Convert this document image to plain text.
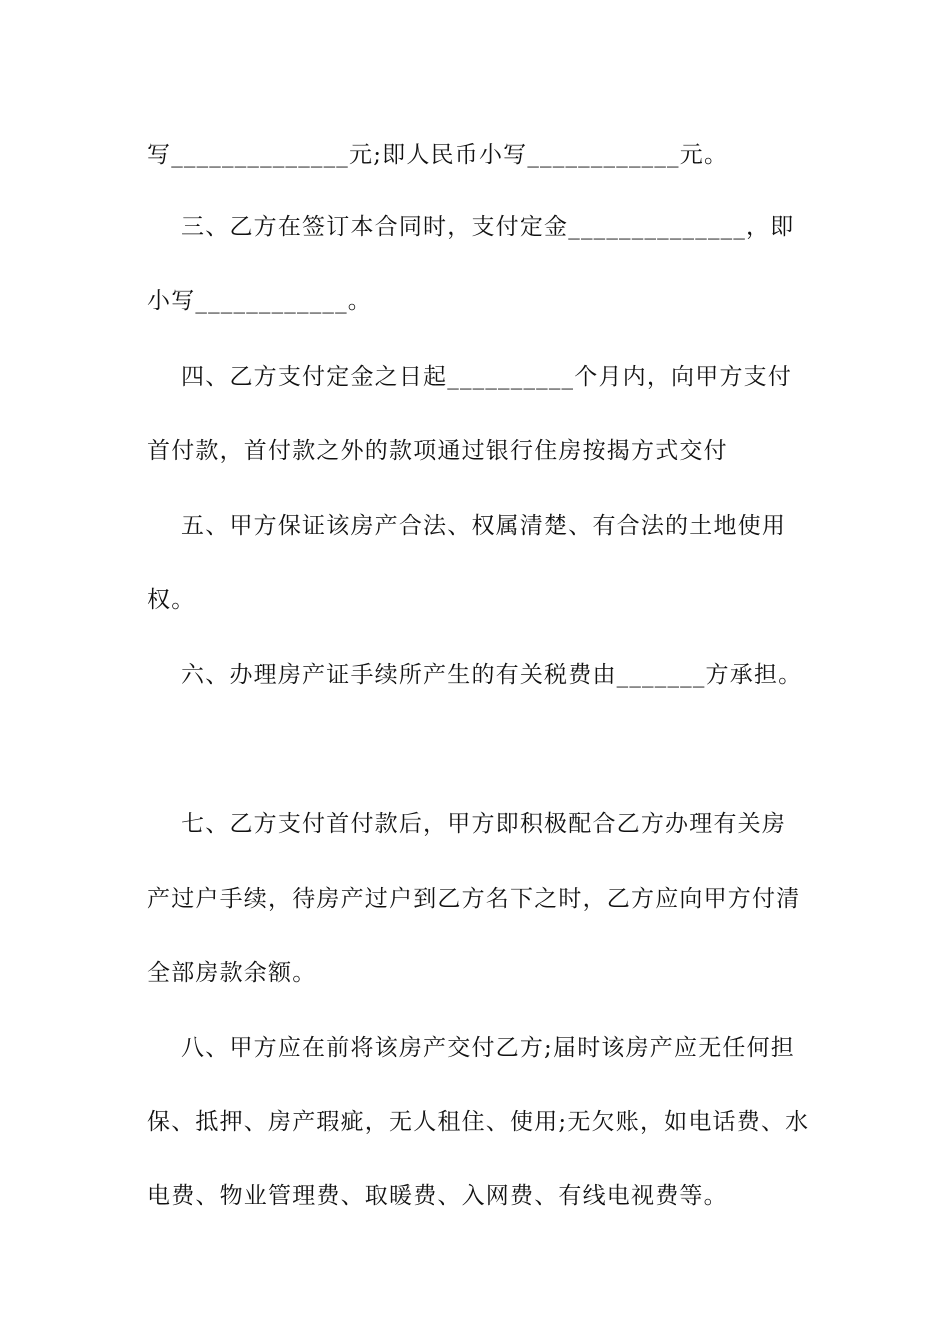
写______________元;即人民币小写____________元。
三、乙方在签订本合同时，支付定金______________，即
小写____________。
四、乙方支付定金之日起__________个月内，向甲方支付
首付款，首付款之外的款项通过银行住房按揭方式交付
五、甲方保证该房产合法、权属清楚、有合法的土地使用
权。
六、办理房产证手续所产生的有关税费由_______方承担。
七、乙方支付首付款后，甲方即积极配合乙方办理有关房
产过户手续，待房产过户到乙方名下之时，乙方应向甲方付清
全部房款余额。
八、甲方应在前将该房产交付乙方;届时该房产应无任何担
保、抵押、房产瑕疵，无人租住、使用;无欠账，如电话费、水
电费、物业管理费、取暖费、入网费、有线电视费等。
